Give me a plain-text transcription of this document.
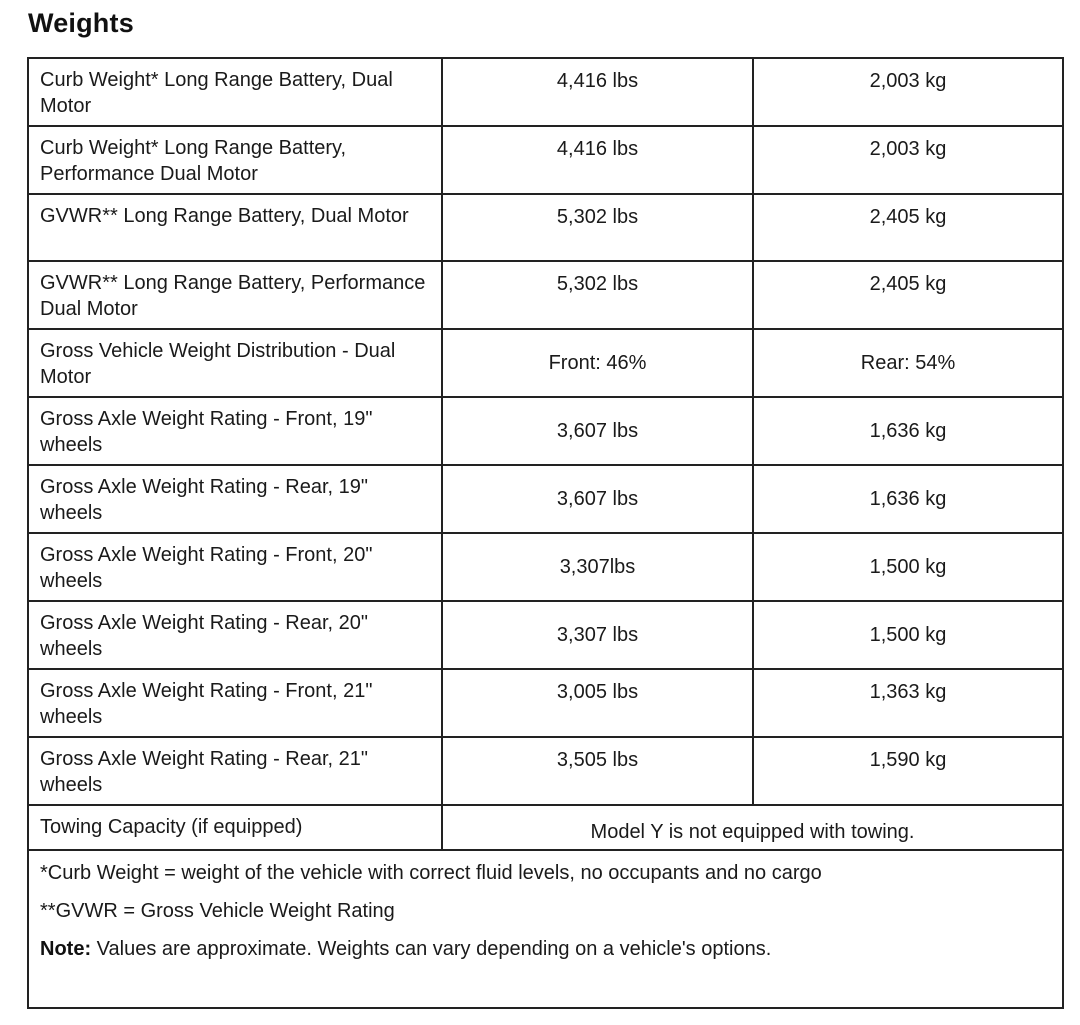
Weights
Curb Weight* Long Range Battery, Dual Motor	4,416 lbs	2,003 kg
Curb Weight* Long Range Battery, Performance Dual Motor	4,416 lbs	2,003 kg
GVWR** Long Range Battery, Dual Motor	5,302 lbs	2,405 kg
GVWR** Long Range Battery, Performance Dual Motor	5,302 lbs	2,405 kg
Gross Vehicle Weight Distribution - Dual Motor	Front: 46%	Rear: 54%
Gross Axle Weight Rating - Front, 19" wheels	3,607 lbs	1,636 kg
Gross Axle Weight Rating - Rear, 19" wheels	3,607 lbs	1,636 kg
Gross Axle Weight Rating - Front, 20" wheels	3,307lbs	1,500 kg
Gross Axle Weight Rating - Rear, 20" wheels	3,307 lbs	1,500 kg
Gross Axle Weight Rating - Front, 21" wheels	3,005 lbs	1,363 kg
Gross Axle Weight Rating - Rear, 21" wheels	3,505 lbs	1,590 kg
Towing Capacity (if equipped)	Model Y is not equipped with towing.	
*Curb Weight = weight of the vehicle with correct fluid levels, no occupants and no cargo
**GVWR = Gross Vehicle Weight Rating
Note: Values are approximate. Weights can vary depending on a vehicle's options.
